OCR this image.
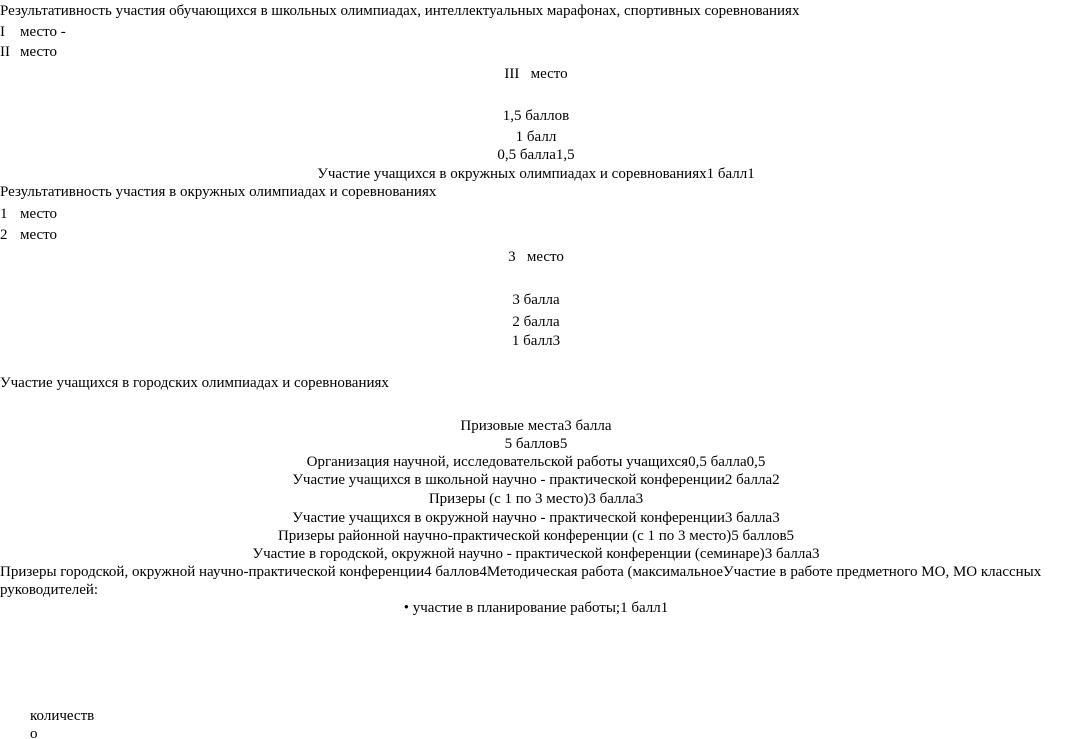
Результативность участия обучающихся в школьных олимпиадах, интеллектуальных марафонах, спортивных соревнованиях
I место -
II место
III место
1,5 баллов
1 балл
0,5 балла1,5
Участие учащихся в окружных олимпиадах и соревнованиях1 балл1
Результативность участия в окружных олимпиадах и соревнованиях
1 место
2 место
3 место
3 балла
2 балла
1 балл3
Участие учащихся в городских олимпиадах и соревнованиях
Призовые места3 балла
5 баллов5
Организация научной, исследовательской работы учащихся0,5 балла0,5
Участие учащихся в школьной научно - практической конференции2 балла2
Призеры (с 1 по 3 место)3 балла3
Участие учащихся в окружной научно - практической конференции3 балла3
Призеры районной научно-практической конференции (с 1 по 3 место)5 баллов5
Участие в городской, окружной научно - практической конференции (семинаре)3 балла3
Призеры городской, окружной научно-практической конференции4 баллов4Методическая работа (максимальноеУчастие в работе предметного МО, МО классных руководителей:
• участие в планирование работы;1 балл1
количество
